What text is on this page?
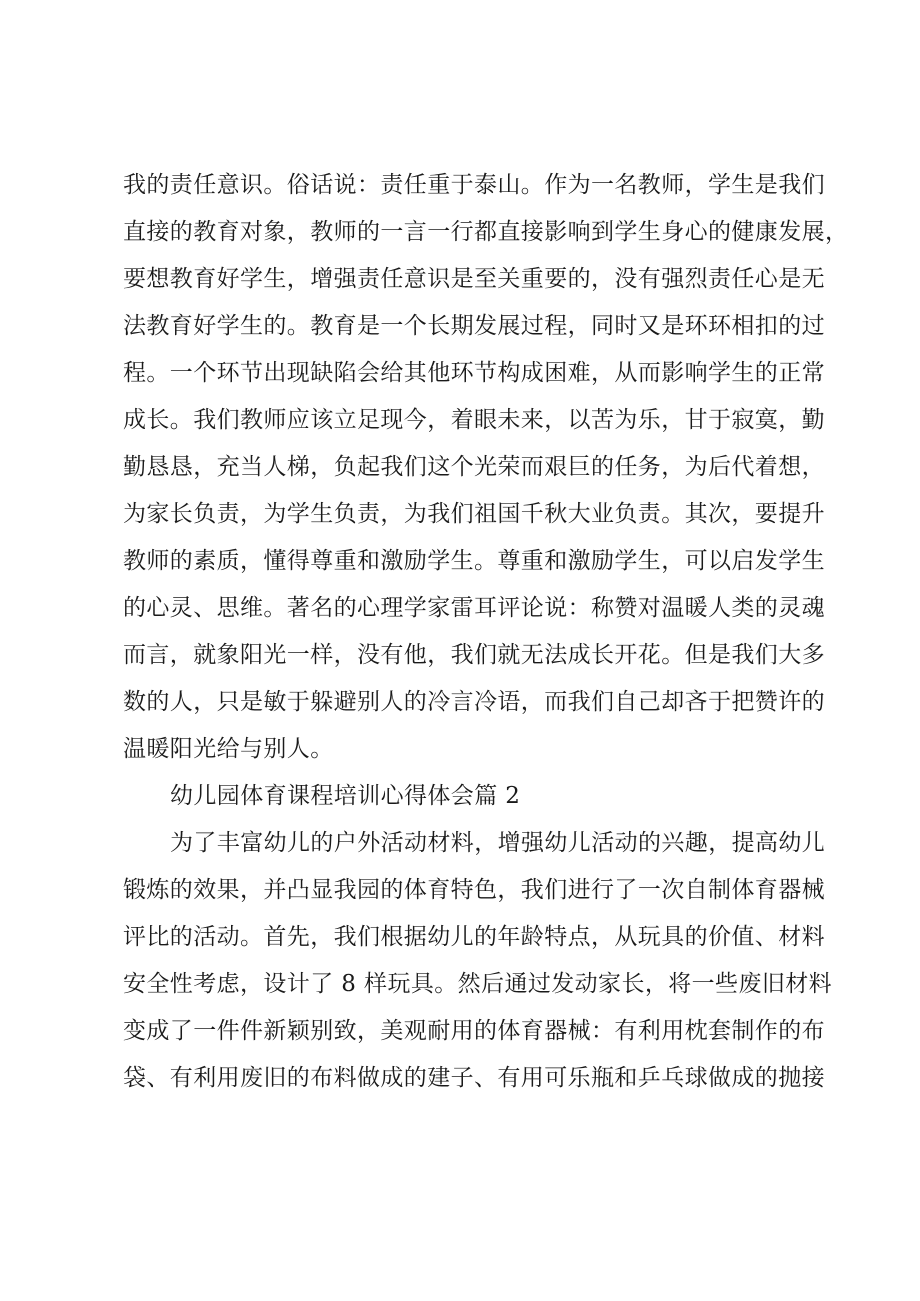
我的责任意识。俗话说：责任重于泰山。作为一名教师，学生是我们
直接的教育对象，教师的一言一行都直接影响到学生身心的健康发展，
要想教育好学生，增强责任意识是至关重要的，没有强烈责任心是无
法教育好学生的。教育是一个长期发展过程，同时又是环环相扣的过
程。一个环节出现缺陷会给其他环节构成困难，从而影响学生的正常
成长。我们教师应该立足现今，着眼未来，以苦为乐，甘于寂寞，勤
勤恳恳，充当人梯，负起我们这个光荣而艰巨的任务，为后代着想，
为家长负责，为学生负责，为我们祖国千秋大业负责。其次，要提升
教师的素质，懂得尊重和激励学生。尊重和激励学生，可以启发学生
的心灵、思维。著名的心理学家雷耳评论说：称赞对温暖人类的灵魂
而言，就象阳光一样，没有他，我们就无法成长开花。但是我们大多
数的人，只是敏于躲避别人的冷言冷语，而我们自己却吝于把赞许的
温暖阳光给与别人。
幼儿园体育课程培训心得体会篇 2
为了丰富幼儿的户外活动材料，增强幼儿活动的兴趣，提高幼儿
锻炼的效果，并凸显我园的体育特色，我们进行了一次自制体育器械
评比的活动。首先，我们根据幼儿的年龄特点，从玩具的价值、材料
安全性考虑，设计了 8 样玩具。然后通过发动家长，将一些废旧材料
变成了一件件新颖别致，美观耐用的体育器械：有利用枕套制作的布
袋、有利用废旧的布料做成的建子、有用可乐瓶和乒乓球做成的抛接
